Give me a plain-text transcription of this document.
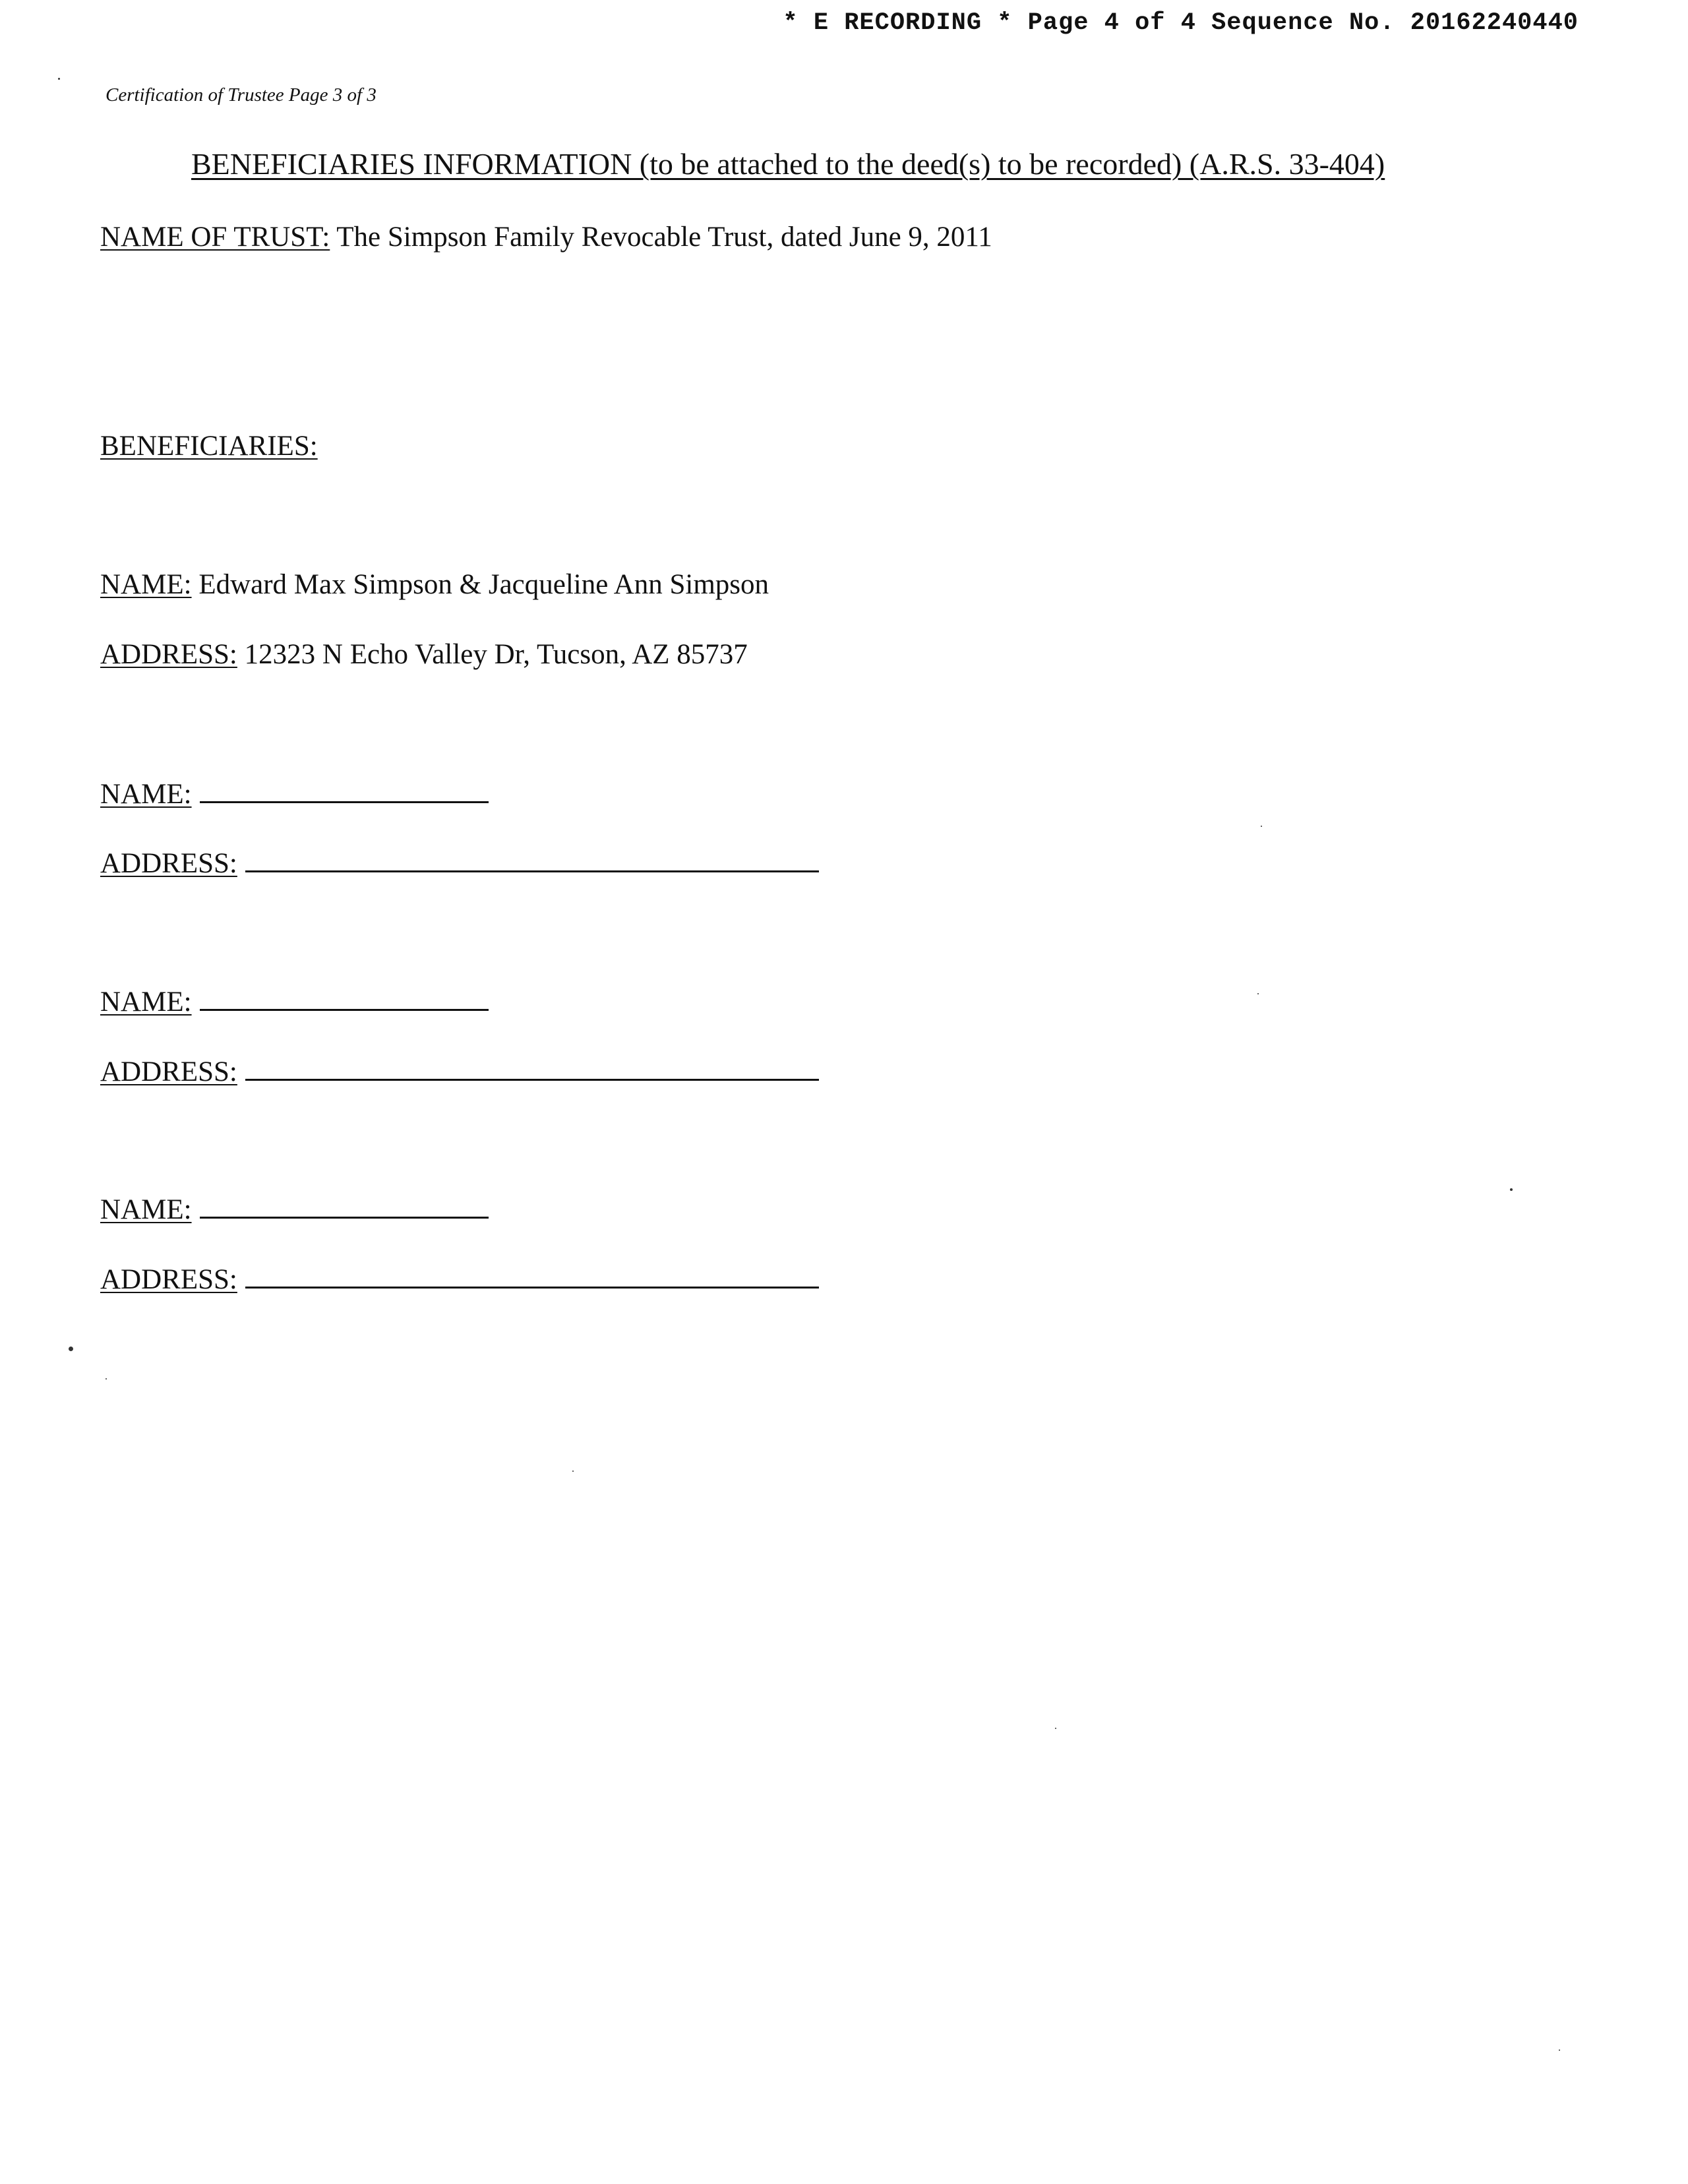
* E RECORDING * Page 4 of 4 Sequence No. 20162240440
Certification of Trustee Page 3 of 3
BENEFICIARIES INFORMATION (to be attached to the deed(s) to be recorded) (A.R.S. 33-404)
NAME OF TRUST: The Simpson Family Revocable Trust, dated June 9, 2011
BENEFICIARIES:
NAME: Edward Max Simpson & Jacqueline Ann Simpson
ADDRESS: 12323 N Echo Valley Dr, Tucson, AZ 85737
NAME:
ADDRESS:
NAME:
ADDRESS:
NAME:
ADDRESS:
